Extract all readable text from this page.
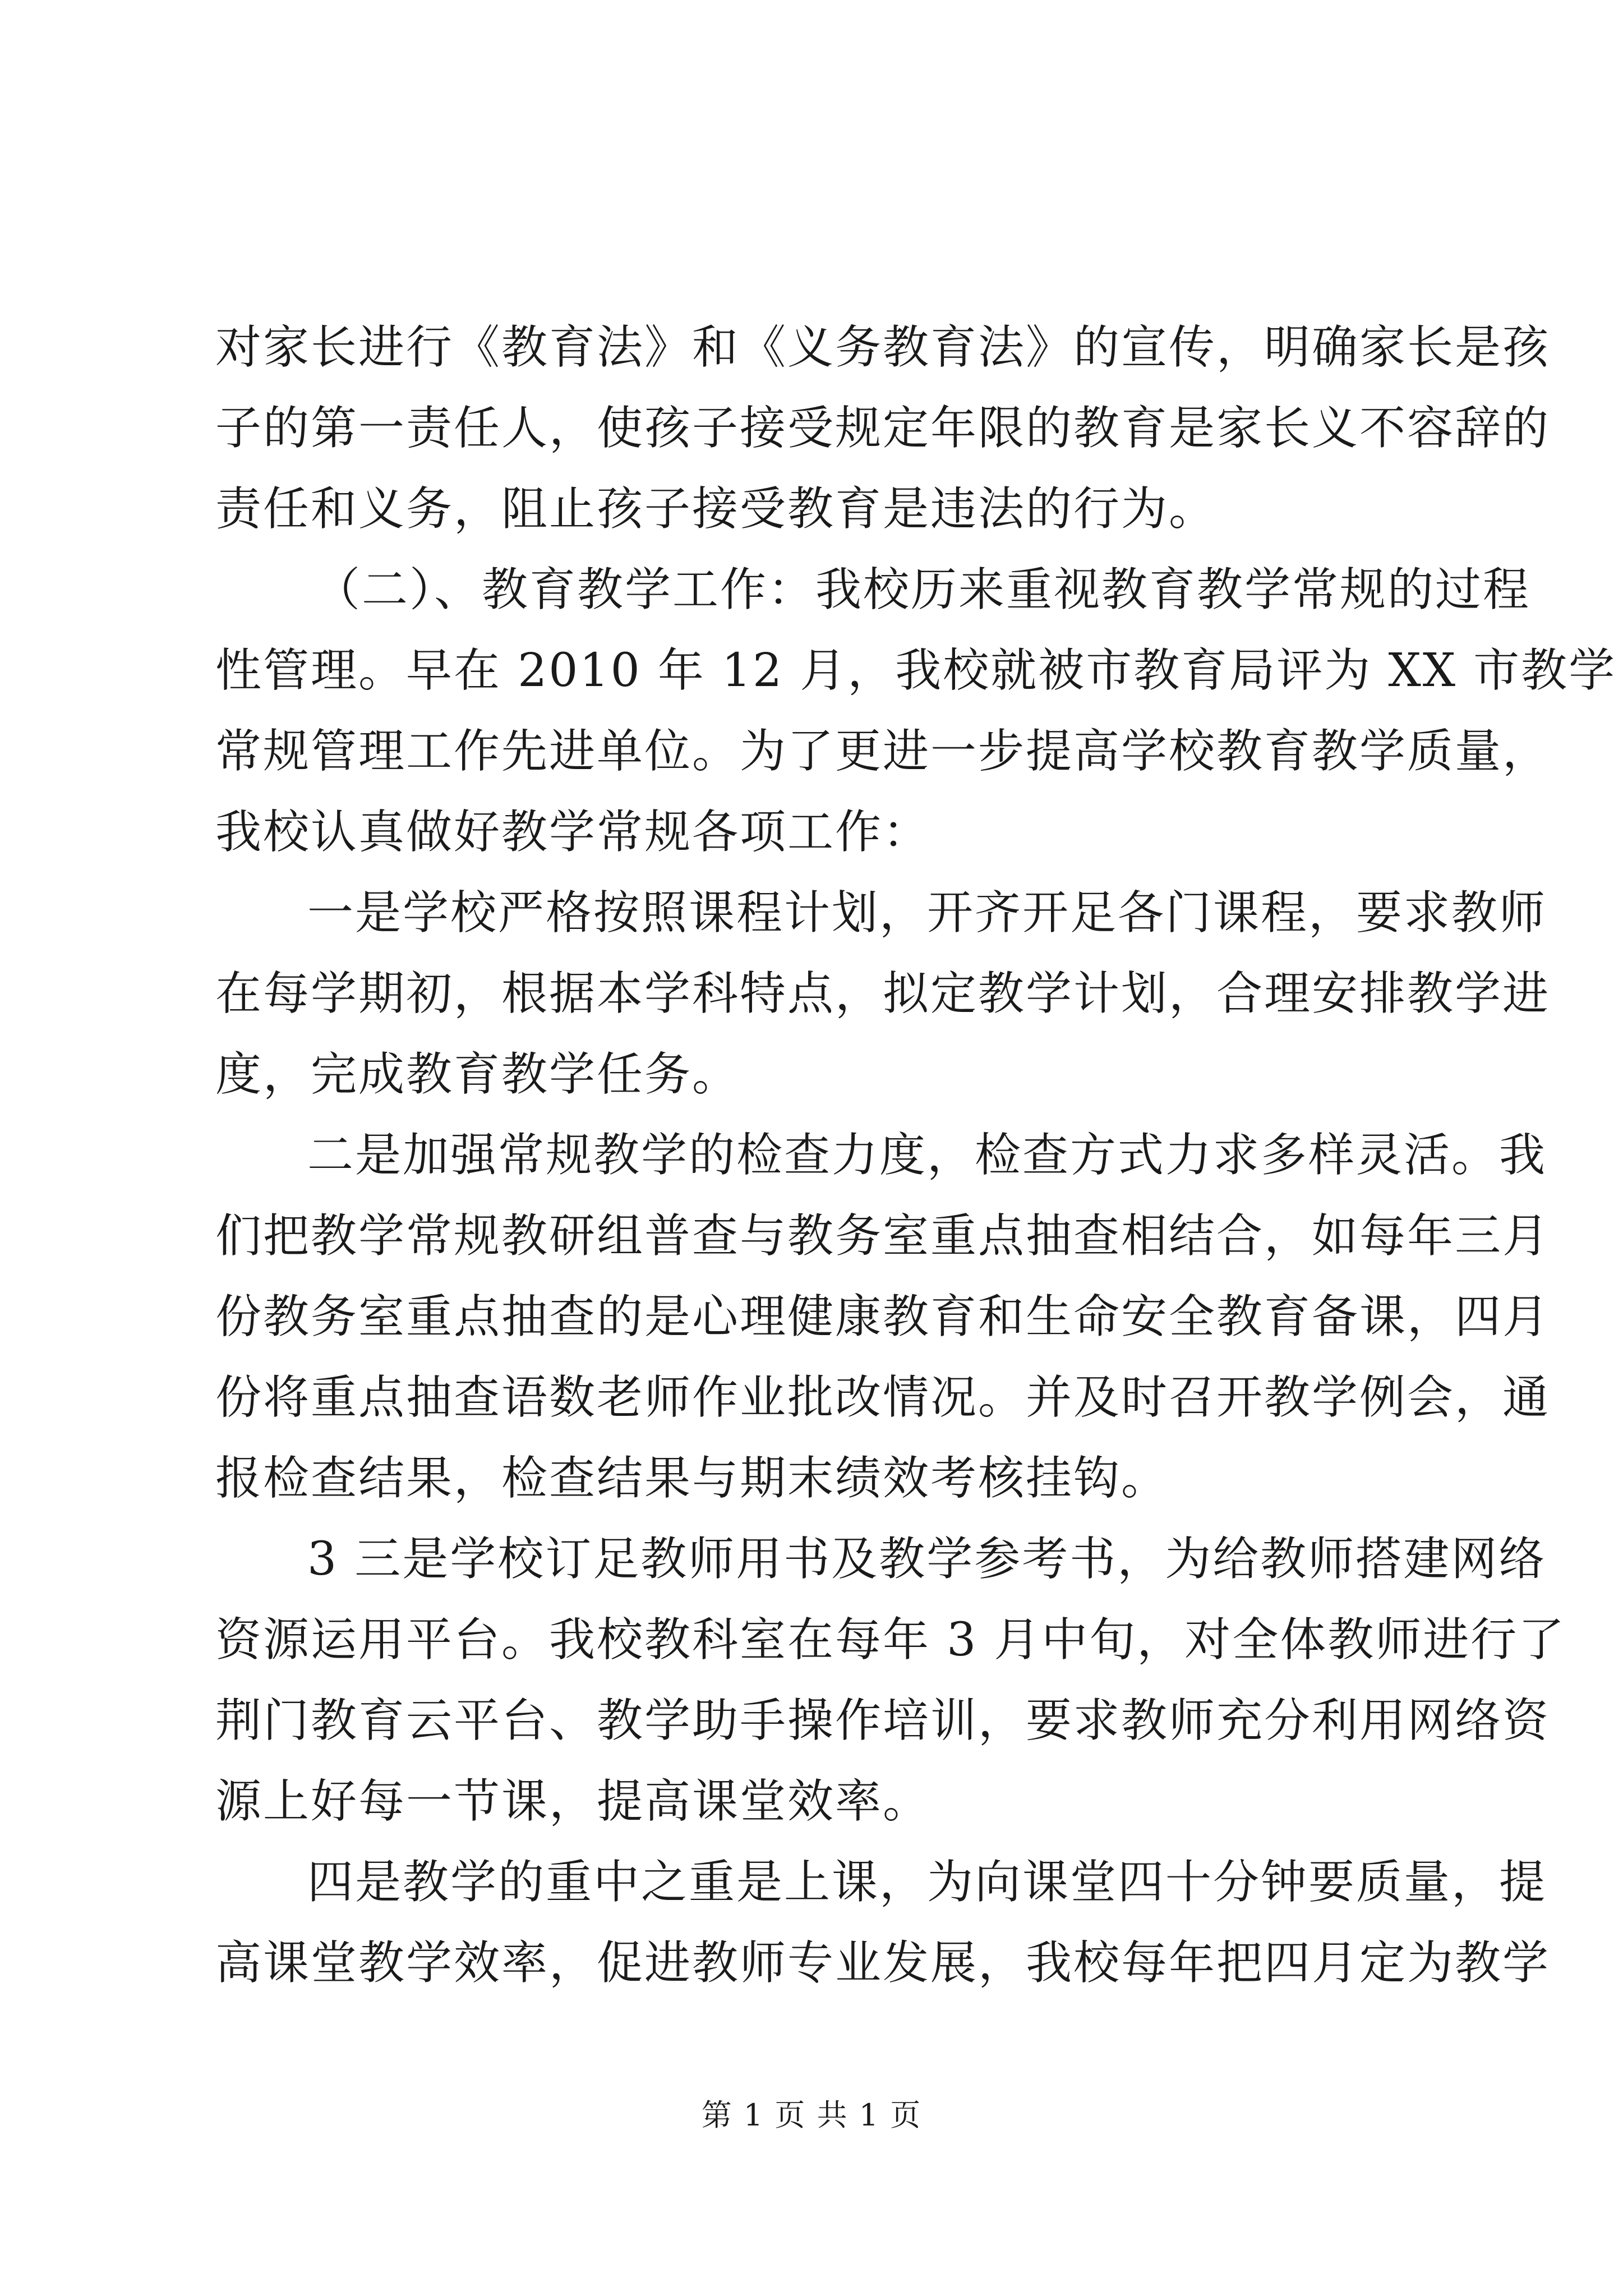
对家长进行《教育法》和《义务教育法》的宣传，明确家长是孩
子的第一责任人，使孩子接受规定年限的教育是家长义不容辞的
责任和义务，阻止孩子接受教育是违法的行为。
（二）、教育教学工作：我校历来重视教育教学常规的过程
性管理。早在 2010 年 12 月，我校就被市教育局评为 XX 市教学
常规管理工作先进单位。为了更进一步提高学校教育教学质量，
我校认真做好教学常规各项工作：
一是学校严格按照课程计划，开齐开足各门课程，要求教师
在每学期初，根据本学科特点，拟定教学计划，合理安排教学进
度，完成教育教学任务。
二是加强常规教学的检查力度，检查方式力求多样灵活。我
们把教学常规教研组普查与教务室重点抽查相结合，如每年三月
份教务室重点抽查的是心理健康教育和生命安全教育备课，四月
份将重点抽查语数老师作业批改情况。并及时召开教学例会，通
报检查结果，检查结果与期末绩效考核挂钩。
3 三是学校订足教师用书及教学参考书，为给教师搭建网络
资源运用平台。我校教科室在每年 3 月中旬，对全体教师进行了
荆门教育云平台、教学助手操作培训，要求教师充分利用网络资
源上好每一节课，提高课堂效率。
四是教学的重中之重是上课，为向课堂四十分钟要质量，提
高课堂教学效率，促进教师专业发展，我校每年把四月定为教学
第 1 页 共 1 页
